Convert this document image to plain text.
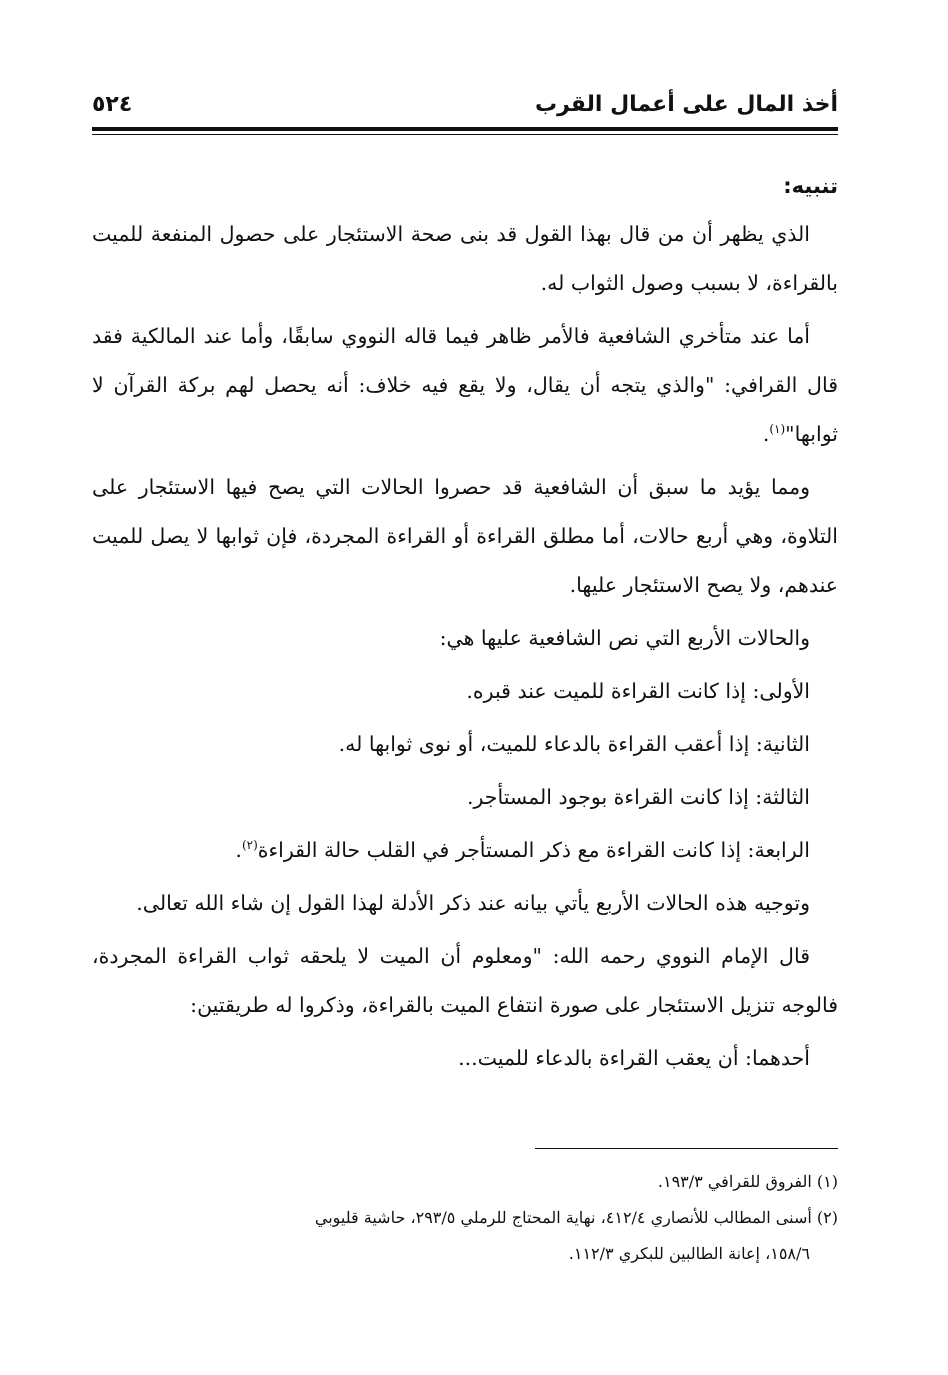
أخذ المال على أعمال القرب
٥٢٤

تنبيه:

الذي يظهر أن من قال بهذا القول قد بنى صحة الاستئجار على حصول المنفعة للميت بالقراءة، لا بسبب وصول الثواب له.

أما عند متأخري الشافعية فالأمر ظاهر فيما قاله النووي سابقًا، وأما عند المالكية فقد قال القرافي: "والذي يتجه أن يقال، ولا يقع فيه خلاف: أنه يحصل لهم بركة القرآن لا ثوابها"$^{(١)}$.

ومما يؤيد ما سبق أن الشافعية قد حصروا الحالات التي يصح فيها الاستئجار على التلاوة، وهي أربع حالات، أما مطلق القراءة أو القراءة المجردة، فإن ثوابها لا يصل للميت عندهم، ولا يصح الاستئجار عليها.

والحالات الأربع التي نص الشافعية عليها هي:

الأولى: إذا كانت القراءة للميت عند قبره.

الثانية: إذا أعقب القراءة بالدعاء للميت، أو نوى ثوابها له.

الثالثة: إذا كانت القراءة بوجود المستأجر.

الرابعة: إذا كانت القراءة مع ذكر المستأجر في القلب حالة القراءة$^{(٢)}$.

وتوجيه هذه الحالات الأربع يأتي بيانه عند ذكر الأدلة لهذا القول إن شاء الله تعالى.

قال الإمام النووي رحمه الله: "ومعلوم أن الميت لا يلحقه ثواب القراءة المجردة، فالوجه تنزيل الاستئجار على صورة انتفاع الميت بالقراءة، وذكروا له طريقتين:

أحدهما: أن يعقب القراءة بالدعاء للميت...

(١) الفروق للقرافي ١٩٣/٣.

(٢) أسنى المطالب للأنصاري ٤١٢/٤، نهاية المحتاج للرملي ٢٩٣/٥، حاشية قليوبي

١٥٨/٦، إعانة الطالبين للبكري ١١٢/٣.
